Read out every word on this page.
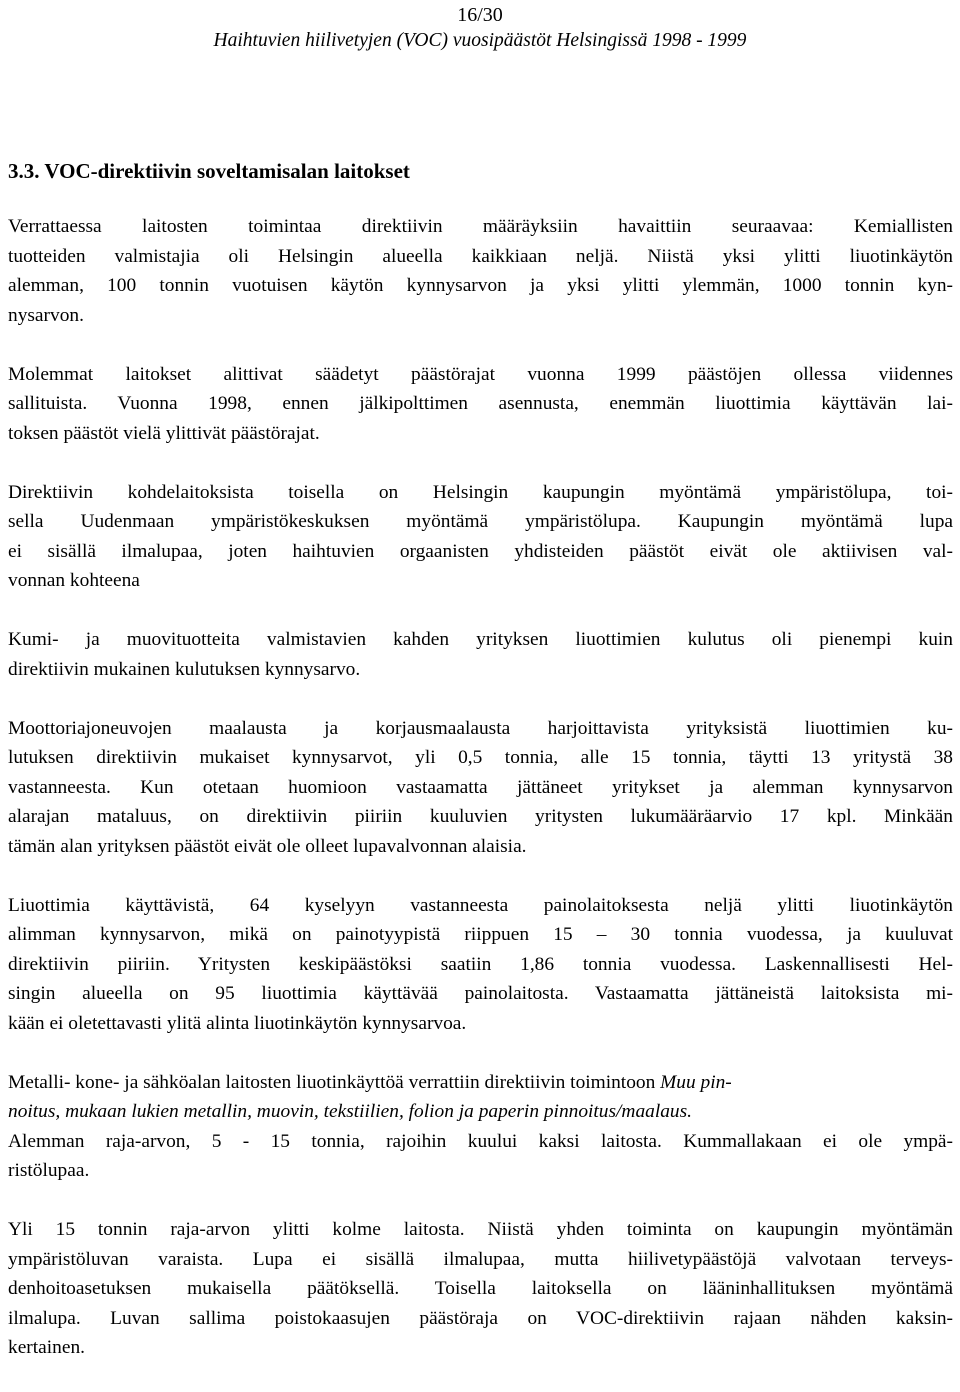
16/30
Haihtuvien hiilivetyjen (VOC) vuosipäästöt Helsingissä 1998 - 1999
3.3. VOC-direktiivin soveltamisalan laitokset

Verrattaessa laitosten toimintaa direktiivin määräyksiin havaittiin seuraavaa: Kemiallisten
tuotteiden valmistajia oli Helsingin alueella kaikkiaan neljä. Niistä yksi ylitti liuotinkäytön
alemman, 100 tonnin vuotuisen käytön kynnysarvon ja yksi ylitti ylemmän, 1000 tonnin kyn-
nysarvon.

Molemmat laitokset alittivat säädetyt päästörajat vuonna 1999 päästöjen ollessa viidennes
sallituista. Vuonna 1998, ennen jälkipolttimen asennusta, enemmän liuottimia käyttävän lai-
toksen päästöt vielä ylittivät päästörajat.

Direktiivin kohdelaitoksista toisella on Helsingin kaupungin myöntämä ympäristölupa, toi-
sella Uudenmaan ympäristökeskuksen myöntämä ympäristölupa. Kaupungin myöntämä lupa
ei sisällä ilmalupaa, joten haihtuvien orgaanisten yhdisteiden päästöt eivät ole aktiivisen val-
vonnan kohteena

Kumi- ja muovituotteita valmistavien kahden yrityksen liuottimien kulutus oli pienempi kuin
direktiivin mukainen kulutuksen kynnysarvo.

Moottoriajoneuvojen maalausta ja korjausmaalausta harjoittavista yrityksistä liuottimien ku-
lutuksen direktiivin mukaiset kynnysarvot, yli 0,5 tonnia, alle 15 tonnia, täytti 13 yritystä 38
vastanneesta. Kun otetaan huomioon vastaamatta jättäneet yritykset ja alemman kynnysarvon
alarajan mataluus, on direktiivin piiriin kuuluvien yritysten lukumääräarvio 17 kpl. Minkään
tämän alan yrityksen päästöt eivät ole olleet lupavalvonnan alaisia.

Liuottimia käyttävistä, 64 kyselyyn vastanneesta painolaitoksesta neljä ylitti liuotinkäytön
alimman kynnysarvon, mikä on painotyypistä riippuen 15 – 30 tonnia vuodessa, ja kuuluvat
direktiivin piiriin. Yritysten keskipäästöksi saatiin 1,86 tonnia vuodessa. Laskennallisesti Hel-
singin alueella on 95 liuottimia käyttävää painolaitosta. Vastaamatta jättäneistä laitoksista mi-
kään ei oletettavasti ylitä alinta liuotinkäytön kynnysarvoa.

Metalli- kone- ja sähköalan laitosten liuotinkäyttöä verrattiin direktiivin toimintoon Muu pin-
noitus, mukaan lukien metallin, muovin, tekstiilien, folion ja paperin pinnoitus/maalaus.
Alemman raja-arvon, 5 - 15 tonnia, rajoihin kuului kaksi laitosta. Kummallakaan ei ole ympä-
ristölupaa.

Yli 15 tonnin raja-arvon ylitti kolme laitosta. Niistä yhden toiminta on kaupungin myöntämän
ympäristöluvan varaista. Lupa ei sisällä ilmalupaa, mutta hiilivetypäästöjä valvotaan terveys-
denhoitoasetuksen mukaisella päätöksellä. Toisella laitoksella on lääninhallituksen myöntämä
ilmalupa. Luvan sallima poistokaasujen päästöraja on VOC-direktiivin rajaan nähden kaksin-
kertainen.
